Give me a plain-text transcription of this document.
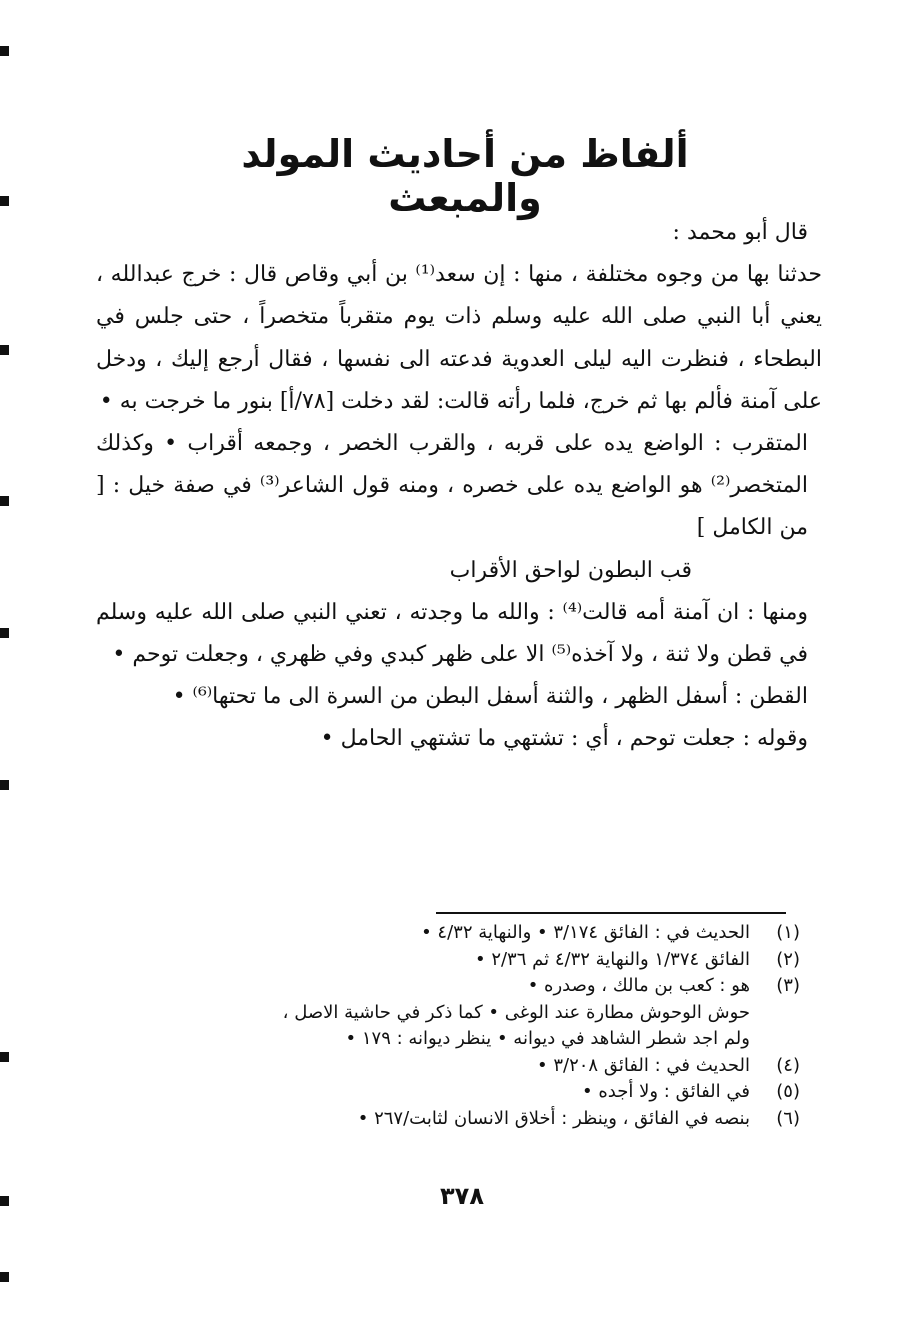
ألفاظ من أحاديث المولد والمبعث

قال أبو محمد :

حدثنا بها من وجوه مختلفة ، منها : إن سعد⁽¹⁾ بن أبي وقاص قال : خرج عبدالله ، يعني أبا النبي صلى الله عليه وسلم ذات يوم متقرباً متخصراً ، حتى جلس في البطحاء ، فنظرت اليه ليلى العدوية فدعته الى نفسها ، فقال أرجع إليك ، ودخل على آمنة فألم بها ثم خرج، فلما رأته قالت: لقد دخلت [٧٨/أ] بنور ما خرجت به •

المتقرب : الواضع يده على قربه ، والقرب الخصر ، وجمعه أقراب • وكذلك المتخصر⁽²⁾ هو الواضع يده على خصره ، ومنه قول الشاعر⁽³⁾ في صفة خيل : [ من الكامل ]

قب البطون لواحق الأقراب

ومنها : ان آمنة أمه قالت⁽⁴⁾ : والله ما وجدته ، تعني النبي صلى الله عليه وسلم في قطن ولا ثنة ، ولا آخذه⁽⁵⁾ الا على ظهر كبدي وفي ظهري ، وجعلت توحم •

القطن : أسفل الظهر ، والثنة أسفل البطن من السرة الى ما تحتها⁽⁶⁾ •

وقوله : جعلت توحم ، أي : تشتهي ما تشتهي الحامل •

(١)
الحديث في : الفائق ٣/١٧٤ • والنهاية ٤/٣٢ •
(٢)
الفائق ١/٣٧٤ والنهاية ٤/٣٢ ثم ٢/٣٦ •
(٣)
هو : كعب بن مالك ، وصدره •
حوش الوحوش مطارة عند الوغى • كما ذكر في حاشية الاصل ،
ولم اجد شطر الشاهد في ديوانه • ينظر ديوانه : ١٧٩ •
(٤)
الحديث في : الفائق ٣/٢٠٨ •
(٥)
في الفائق : ولا أجده •
(٦)
بنصه في الفائق ، وينظر : أخلاق الانسان لثابت/٢٦٧ •
٣٧٨
